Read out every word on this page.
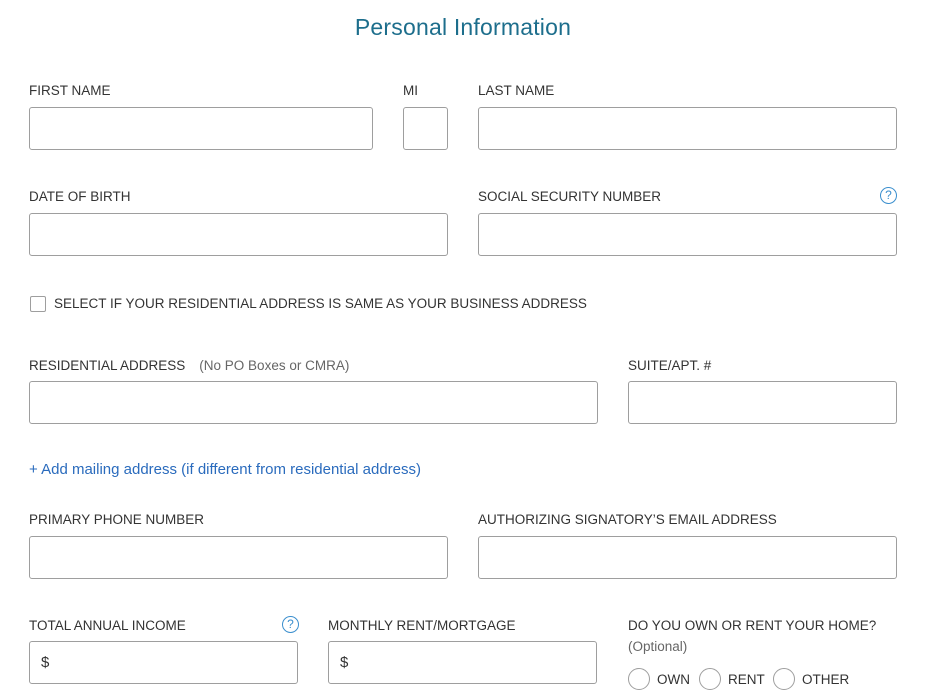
Personal Information
FIRST NAME	MI	LAST NAME
DATE OF BIRTH	SOCIAL SECURITY NUMBER	?
SELECT IF YOUR RESIDENTIAL ADDRESS IS SAME AS YOUR BUSINESS ADDRESS
RESIDENTIAL ADDRESS (No PO Boxes or CMRA)	SUITE/APT. #
+ Add mailing address (if different from residential address)
PRIMARY PHONE NUMBER	AUTHORIZING SIGNATORY’S EMAIL ADDRESS
TOTAL ANNUAL INCOME	?
$
MONTHLY RENT/MORTGAGE
$
DO YOU OWN OR RENT YOUR HOME?
(Optional)
OWN	RENT	OTHER
